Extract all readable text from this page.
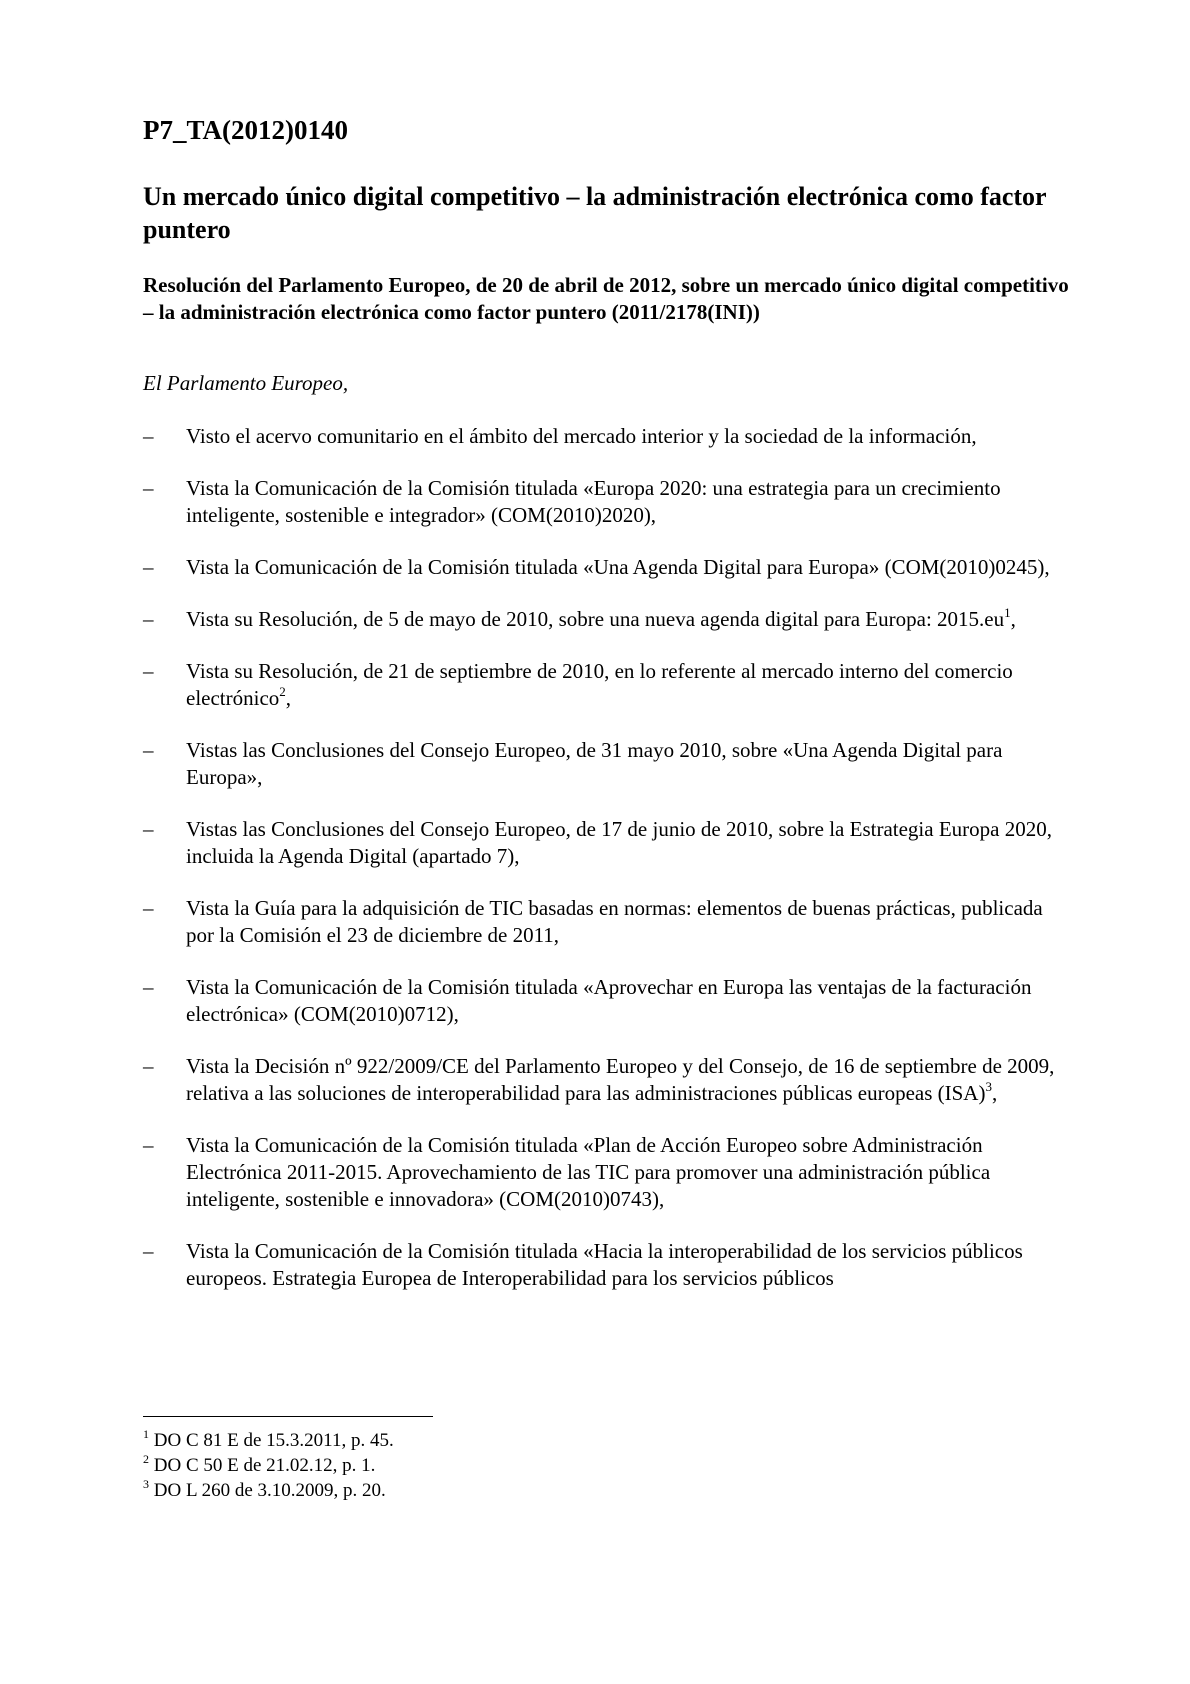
P7_TA(2012)0140
Un mercado único digital competitivo – la administración electrónica como factor puntero
Resolución del Parlamento Europeo, de 20 de abril de 2012, sobre un mercado único digital competitivo – la administración electrónica como factor puntero (2011/2178(INI))
El Parlamento Europeo,
–	Visto el acervo comunitario en el ámbito del mercado interior y la sociedad de la información,
–	Vista la Comunicación de la Comisión titulada «Europa 2020: una estrategia para un crecimiento inteligente, sostenible e integrador» (COM(2010)2020),
–	Vista la Comunicación de la Comisión titulada «Una Agenda Digital para Europa» (COM(2010)0245),
–	Vista su Resolución, de 5 de mayo de 2010, sobre una nueva agenda digital para Europa: $2015.eu^1$,
–	Vista su Resolución, de 21 de septiembre de 2010, en lo referente al mercado interno del comercio electrónico$^2$,
–	Vistas las Conclusiones del Consejo Europeo, de 31 mayo 2010, sobre «Una Agenda Digital para Europa»,
–	Vistas las Conclusiones del Consejo Europeo, de 17 de junio de 2010, sobre la Estrategia Europa 2020, incluida la Agenda Digital (apartado 7),
–	Vista la Guía para la adquisición de TIC basadas en normas: elementos de buenas prácticas, publicada por la Comisión el 23 de diciembre de 2011,
–	Vista la Comunicación de la Comisión titulada «Aprovechar en Europa las ventajas de la facturación electrónica» (COM(2010)0712),
–	Vista la Decisión nº 922/2009/CE del Parlamento Europeo y del Consejo, de 16 de septiembre de 2009, relativa a las soluciones de interoperabilidad para las administraciones públicas europeas (ISA)$^3$,
–	Vista la Comunicación de la Comisión titulada «Plan de Acción Europeo sobre Administración Electrónica 2011-2015. Aprovechamiento de las TIC para promover una administración pública inteligente, sostenible e innovadora» (COM(2010)0743),
–	Vista la Comunicación de la Comisión titulada «Hacia la interoperabilidad de los servicios públicos europeos. Estrategia Europea de Interoperabilidad para los servicios públicos
$^1$ DO C 81 E de 15.3.2011, p. 45.
$^2$ DO C 50 E de 21.02.12, p. 1.
$^3$ DO L 260 de 3.10.2009, p. 20.
